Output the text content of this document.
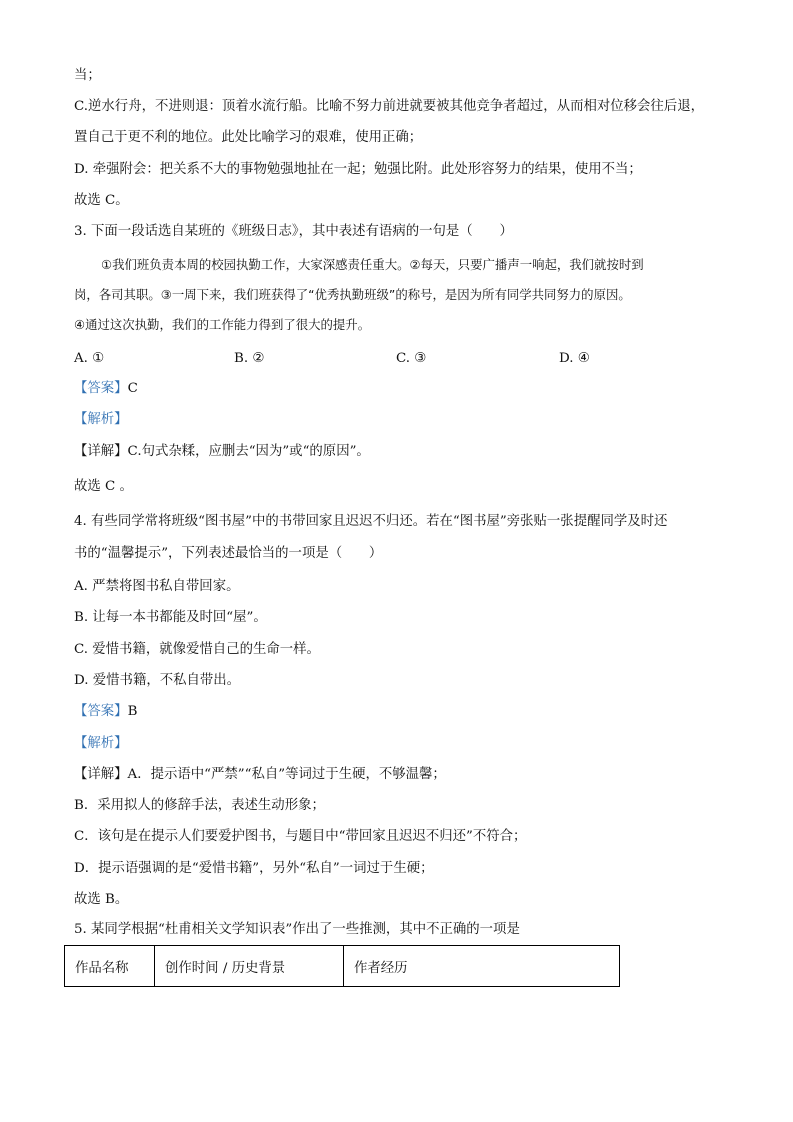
当；
C.逆水行舟，不进则退：顶着水流行船。比喻不努力前进就要被其他竞争者超过，从而相对位移会往后退，
置自己于更不利的地位。此处比喻学习的艰难，使用正确；
D. 牵强附会：把关系不大的事物勉强地扯在一起；勉强比附。此处形容努力的结果，使用不当；
故选 C。
3. 下面一段话选自某班的《班级日志》，其中表述有语病的一句是（　　）
①我们班负责本周的校园执勤工作，大家深感责任重大。②每天，只要广播声一响起，我们就按时到
岗，各司其职。③一周下来，我们班获得了“优秀执勤班级”的称号，是因为所有同学共同努力的原因。
④通过这次执勤，我们的工作能力得到了很大的提升。
A. ①	B. ②	C. ③	D. ④
【答案】C
【解析】
【详解】C.句式杂糅，应删去“因为”或“的原因”。
故选 C 。
4. 有些同学常将班级“图书屋”中的书带回家且迟迟不归还。若在“图书屋”旁张贴一张提醒同学及时还
书的“温馨提示”，下列表述最恰当的一项是（　　）
A. 严禁将图书私自带回家。
B. 让每一本书都能及时回“屋”。
C. 爱惜书籍，就像爱惜自己的生命一样。
D. 爱惜书籍，不私自带出。
【答案】B
【解析】
【详解】A．提示语中“严禁”“私自”等词过于生硬，不够温馨；
B．采用拟人的修辞手法，表述生动形象；
C．该句是在提示人们要爱护图书，与题目中“带回家且迟迟不归还”不符合；
D．提示语强调的是“爱惜书籍”，另外“私自”一词过于生硬；
故选 B。
5. 某同学根据“杜甫相关文学知识表”作出了一些推测，其中不正确的一项是
作品名称	创作时间 / 历史背景	作者经历
